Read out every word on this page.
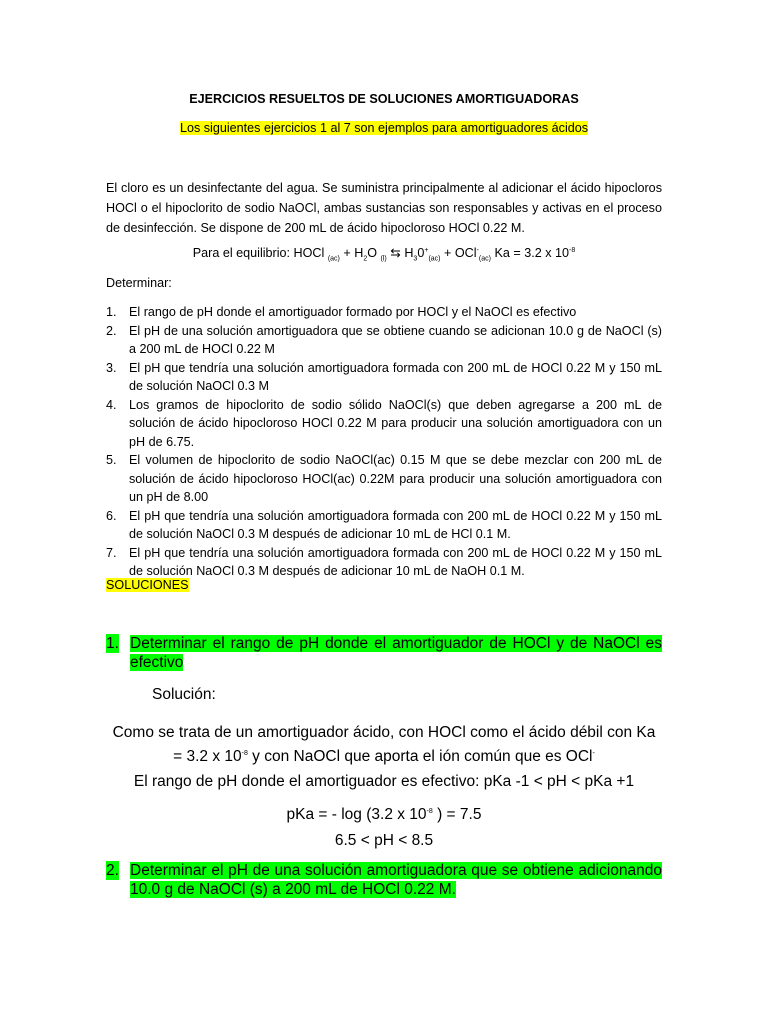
EJERCICIOS RESUELTOS DE SOLUCIONES AMORTIGUADORAS
Los siguientes ejercicios 1 al 7 son ejemplos para amortiguadores ácidos
El cloro es un desinfectante del agua. Se suministra principalmente al adicionar el ácido hipocloros HOCl o el hipoclorito de sodio NaOCl, ambas sustancias son responsables y activas en el proceso de desinfección. Se dispone de 200 mL de ácido hipocloroso HOCl 0.22 M.
Para el equilibrio: HOCl $_{(ac)} + H_2O$ $_{(l)}$ ⇆ $H_30^+_{(ac)} + OCl^-_{(ac)}$ Ka = 3.2 x $10^{-8}$
Determinar:
1. El rango de pH donde el amortiguador formado por HOCl y el NaOCl es efectivo
2. El pH de una solución amortiguadora que se obtiene cuando se adicionan 10.0 g de NaOCl (s) a 200 mL de HOCl 0.22 M
3. El pH que tendría una solución amortiguadora formada con 200 mL de HOCl 0.22 M y 150 mL de solución NaOCl 0.3 M
4. Los gramos de hipoclorito de sodio sólido NaOCl(s) que deben agregarse a 200 mL de solución de ácido hipocloroso HOCl 0.22 M para producir una solución amortiguadora con un pH de 6.75.
5. El volumen de hipoclorito de sodio NaOCl(ac) 0.15 M que se debe mezclar con 200 mL de solución de ácido hipocloroso HOCl(ac) 0.22M para producir una solución amortiguadora con un pH de 8.00
6. El pH que tendría una solución amortiguadora formada con 200 mL de HOCl 0.22 M y 150 mL de solución NaOCl 0.3 M después de adicionar 10 mL de HCl 0.1 M.
7. El pH que tendría una solución amortiguadora formada con 200 mL de HOCl 0.22 M y 150 mL de solución NaOCl 0.3 M después de adicionar 10 mL de NaOH 0.1 M.
SOLUCIONES
1. Determinar el rango de pH donde el amortiguador de HOCl y de NaOCl es efectivo
Solución:
Como se trata de un amortiguador ácido, con HOCl como el ácido débil con Ka = 3.2 x $10^{-8}$ y con NaOCl que aporta el ión común que es OCl-
El rango de pH donde el amortiguador es efectivo: pKa -1 < pH < pKa +1
pKa = - log (3.2 x $10^{-8}$ ) = 7.5
6.5 < pH < 8.5
2. Determinar el pH de una solución amortiguadora que se obtiene adicionando 10.0 g de NaOCl (s) a 200 mL de HOCl 0.22 M.
